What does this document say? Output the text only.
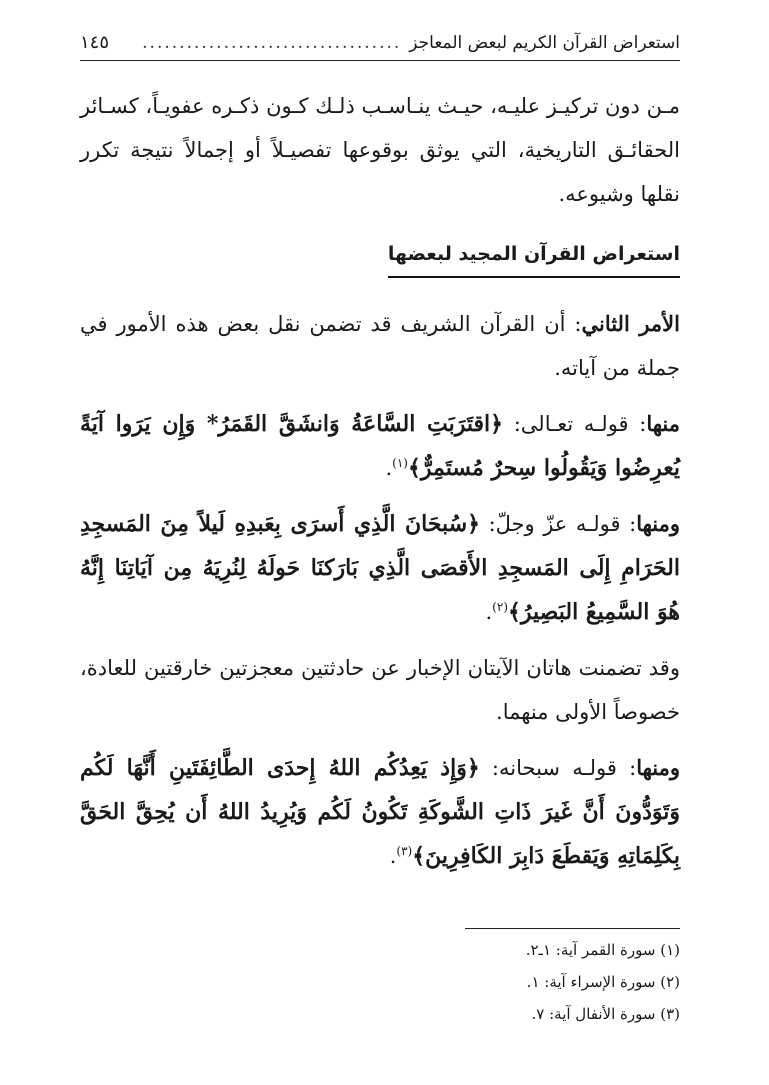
استعراض القرآن الكريم لبعض المعاجز
...................................
١٤٥

مـن دون تركيـز عليـه، حيـث ينـاسـب ذلـك كـون ذكـره عفويـاً، كسـائر الحقائـق التاريخية، التي يوثق بوقوعها تفصيـلاً أو إجمالاً نتيجة تكرر نقلها وشيوعه.

استعراض القرآن المجيد لبعضها

الأمر الثاني: أن القرآن الشريف قد تضمن نقل بعض هذه الأمور في جملة من آياته.

منها: قولـه تعـالى: ﴿اقتَرَبَتِ السَّاعَةُ وَانشَقَّ القَمَرُ* وَإِن يَرَوا آيَةً يُعرِضُوا وَيَقُولُوا سِحرٌ مُستَمِرٌّ﴾$^{(١)}$.

ومنها: قولـه عزّ وجلّ: ﴿سُبحَانَ الَّذِي أَسرَى بِعَبدِهِ لَيلاً مِنَ المَسجِدِ الحَرَامِ إِلَى المَسجِدِ الأَقصَى الَّذِي بَارَكنَا حَولَهُ لِنُرِيَهُ مِن آيَاتِنَا إِنَّهُ هُوَ السَّمِيعُ البَصِيرُ﴾$^{(٢)}$.

وقد تضمنت هاتان الآيتان الإخبار عن حادثتين معجزتين خارقتين للعادة، خصوصاً الأولى منهما.

ومنها: قولـه سبحانه: ﴿وَإِذ يَعِدُكُم اللهُ إِحدَى الطَّائِفَتَينِ أَنَّهَا لَكُم وَتَوَدُّونَ أَنَّ غَيرَ ذَاتِ الشَّوكَةِ تَكُونُ لَكُم وَيُرِيدُ اللهُ أَن يُحِقَّ الحَقَّ بِكَلِمَاتِهِ وَيَقطَعَ دَابِرَ الكَافِرِينَ﴾$^{(٣)}$.

(١) سورة القمر آية: ١ـ٢.
(٢) سورة الإسراء آية: ١.
(٣) سورة الأنفال آية: ٧.
